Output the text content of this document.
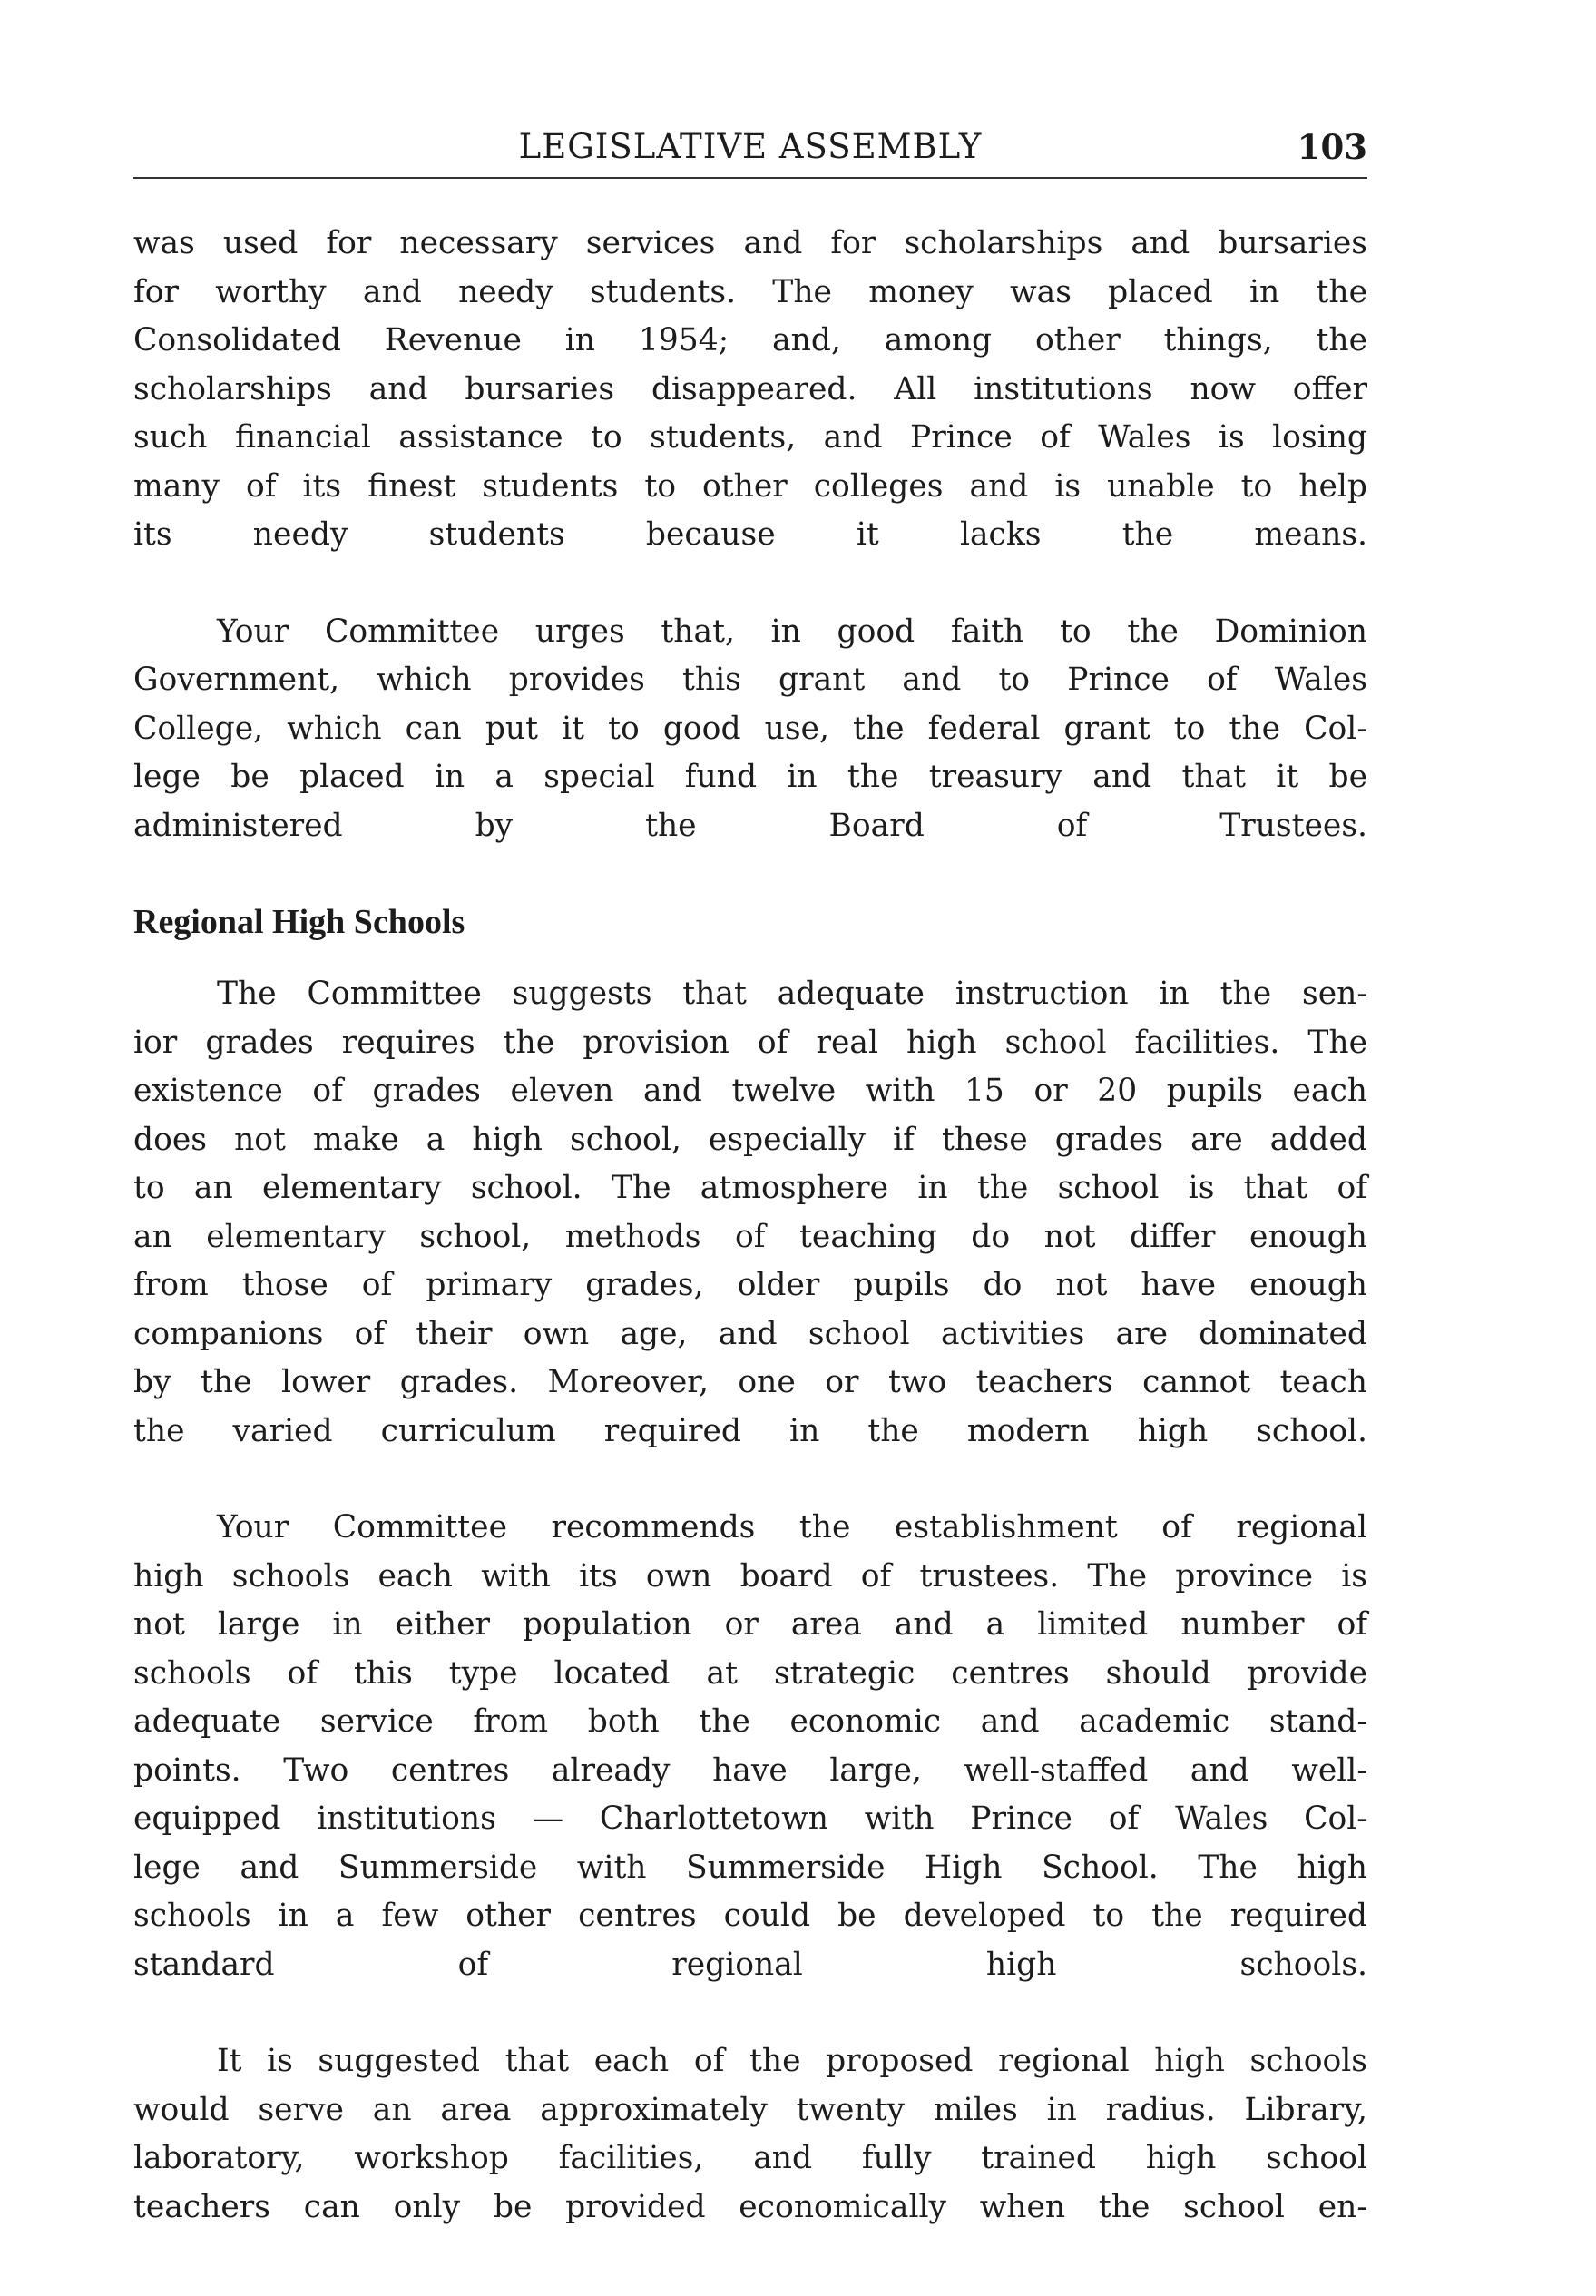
LEGISLATIVE ASSEMBLY	103

was used for necessary services and for scholarships and bursaries
for worthy and needy students. The money was placed in the
Consolidated Revenue in 1954; and, among other things, the
scholarships and bursaries disappeared. All institutions now offer
such financial assistance to students, and Prince of Wales is losing
many of its finest students to other colleges and is unable to help
its needy students because it lacks the means.

Your Committee urges that, in good faith to the Dominion
Government, which provides this grant and to Prince of Wales
College, which can put it to good use, the federal grant to the Col-
lege be placed in a special fund in the treasury and that it be
administered by the Board of Trustees.

Regional High Schools

The Committee suggests that adequate instruction in the sen-
ior grades requires the provision of real high school facilities. The
existence of grades eleven and twelve with 15 or 20 pupils each
does not make a high school, especially if these grades are added
to an elementary school. The atmosphere in the school is that of
an elementary school, methods of teaching do not differ enough
from those of primary grades, older pupils do not have enough
companions of their own age, and school activities are dominated
by the lower grades. Moreover, one or two teachers cannot teach
the varied curriculum required in the modern high school.

Your Committee recommends the establishment of regional
high schools each with its own board of trustees. The province is
not large in either population or area and a limited number of
schools of this type located at strategic centres should provide
adequate service from both the economic and academic stand-
points. Two centres already have large, well-staffed and well-
equipped institutions — Charlottetown with Prince of Wales Col-
lege and Summerside with Summerside High School. The high
schools in a few other centres could be developed to the required
standard of regional high schools.

It is suggested that each of the proposed regional high schools
would serve an area approximately twenty miles in radius. Library,
laboratory, workshop facilities, and fully trained high school
teachers can only be provided economically when the school en-
